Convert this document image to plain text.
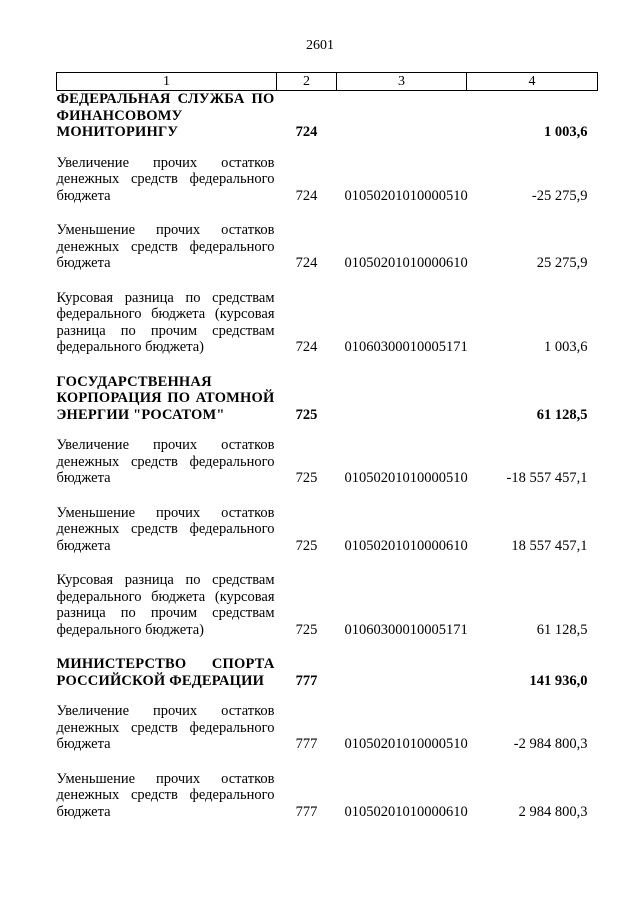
2601
1	2	3	4
ФЕДЕРАЛЬНАЯ СЛУЖБА ПО ФИНАНСОВОМУ МОНИТОРИНГУ	724		1 003,6

Увеличение прочих остатков денежных средств федерального бюджета	724	01050201010000510	-25 275,9

Уменьшение прочих остатков денежных средств федерального бюджета	724	01050201010000610	25 275,9

Курсовая разница по средствам федерального бюджета (курсовая разница по прочим средствам федерального бюджета)	724	01060300010005171	1 003,6

ГОСУДАРСТВЕННАЯ КОРПОРАЦИЯ ПО АТОМНОЙ ЭНЕРГИИ "РОСАТОМ"	725		61 128,5

Увеличение прочих остатков денежных средств федерального бюджета	725	01050201010000510	-18 557 457,1

Уменьшение прочих остатков денежных средств федерального бюджета	725	01050201010000610	18 557 457,1

Курсовая разница по средствам федерального бюджета (курсовая разница по прочим средствам федерального бюджета)	725	01060300010005171	61 128,5

МИНИСТЕРСТВО СПОРТА РОССИЙСКОЙ ФЕДЕРАЦИИ	777		141 936,0

Увеличение прочих остатков денежных средств федерального бюджета	777	01050201010000510	-2 984 800,3

Уменьшение прочих остатков денежных средств федерального бюджета	777	01050201010000610	2 984 800,3
